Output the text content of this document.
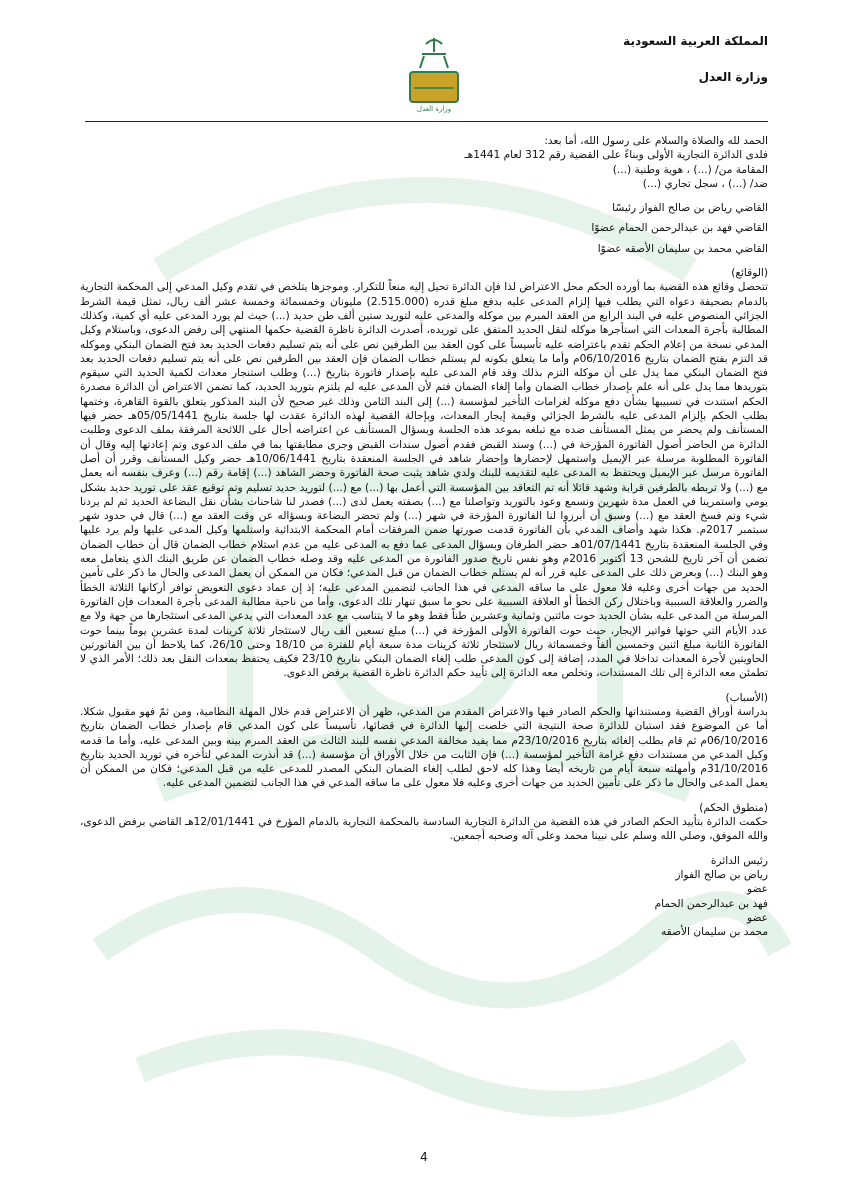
المملكة العربية السعودية
وزارة العدل
وزارة العدل
الحمد لله والصلاة والسلام على رسول الله، أما بعد:
فلدى الدائرة التجارية الأولى وبناءً على القضية رقم 312 لعام 1441هـ
المقامة من/ (...) ، هوية وطنية (...)
ضد/ (...) ، سجل تجاري (...)
القاضي رياض بن صالح الفواز رئيسًا
القاضي فهد بن عبدالرحمن الحمام عضوًا
القاضي محمد بن سليمان الأصقه عضوًا
(الوقائع)

تتحصل وقائع هذه القضية بما أورده الحكم محل الاعتراض لذا فإن الدائرة تحيل إليه منعاً للتكرار. وموجزها يتلخص في تقدم وكيل المدعي إلى المحكمة التجارية بالدمام بصحيفة دعواه التي يطلب فيها إلزام المدعى عليه بدفع مبلغ قدره (2.515.000) مليونان وخمسمائة وخمسة عشر ألف ريال، تمثل قيمة الشرط الجزائي المنصوص عليه في البند الرابع من العقد المبرم بين موكله والمدعى عليه لتوريد ستين ألف طن حديد (...) حيث لم يورد المدعى عليه أي كمية، وكذلك المطالبة بأجرة المعدات التي استأجرها موكله لنقل الحديد المتفق على توريده، أصدرت الدائرة ناظرة القضية حكمها المنتهي إلى رفض الدعوى، وباستلام وكيل المدعي نسخة من إعلام الحكم تقدم باعتراضه عليه تأسيساً على كون العقد بين الطرفين نص على أنه يتم تسليم دفعات الحديد بعد فتح الضمان البنكي وموكله قد التزم بفتح الضمان بتاريخ 06/10/2016م وأما ما يتعلق بكونه لم يستلم خطاب الضمان فإن العقد بين الطرفين نص على أنه يتم تسليم دفعات الحديد بعد فتح الضمان البنكي مما يدل على أن موكله التزم بذلك وقد قام المدعى عليه بإصدار فاتورة بتاريخ (...) وطلب استنجار معدات لكمية الحديد التي سيقوم بتوريدها مما يدل على أنه علم بإصدار خطاب الضمان وأما إلغاء الضمان فتم لأن المدعى عليه لم يلتزم بتوريد الحديد، كما تضمن الاعتراض أن الدائرة مصدرة الحكم استندت في تسبيبها بشأن دفع موكله لغرامات التأخير لمؤسسة (...) إلى البند الثامن وذلك غير صحيح لأن البند المذكور يتعلق بالقوة القاهرة، وختمها بطلب الحكم بإلزام المدعى عليه بالشرط الجزائي وقيمة إيجار المعدات، وبإحالة القضية لهذه الدائرة عقدت لها جلسة بتاريخ 05/05/1441هـ حضر فيها المستأنف ولم يحضر من يمثل المستأنف ضده مع تبلغه بموعد هذه الجلسة وبسؤال المستأنف عن اعتراضه أحال على اللائحة المرفقة بملف الدعوى وطلبت الدائرة من الحاضر أصول الفاتورة المؤرخة في (...) وسند القبض فقدم أصول سندات القبض وجرى مطابقتها بما في ملف الدعوى وتم إعادتها إليه وقال أن الفاتورة المطلوبة مرسلة عبر الإيميل واستمهل لإحضارها وإحضار شاهد في الجلسة المنعقدة بتاريخ 10/06/1441هـ حضر وكيل المستأنف وقرر أن أصل الفاتورة مرسل عبر الإيميل ويحتفظ به المدعى عليه لتقديمه للبنك ولدي شاهد يثبت صحة الفاتورة وحضر الشاهد (...) إقامة رقم (...) وعرف بنفسه أنه يعمل مع (...) ولا تربطه بالطرفين قرابة وشهد قائلا أنه تم التعاقد بين المؤسسة التي أعمل بها (...) مع (...) لتوريد حديد تسليم وتم توقيع عقد على توريد حديد بشكل يومي واستمرينا في العمل مدة شهرين ونسمع وعود بالتوريد وتواصلنا مع (...) بصفته يعمل لدى (...) فصدر لنا شاحنات بشأن نقل البضاعة الحديد ثم لم يردنا شيء وتم فسخ العقد مع (...) وسبق أن أبرزوا لنا الفاتورة المؤرخة في شهر (...) ولم تحضر البضاعة وبسؤاله عن وقت العقد مع (...) قال في حدود شهر سبتمبر 2017م. هكذا شهد وأضاف المدعي بأن الفاتورة قدمت صورتها ضمن المرفقات أمام المحكمة الابتدائية واستلمها وكيل المدعى عليها ولم يرد عليها وفي الجلسة المنعقدة بتاريخ 01/07/1441هـ حضر الطرفان وبسؤال المدعى عما دفع به المدعى عليه من عدم استلام خطاب الضمان قال أن خطاب الضمان تضمن أن آخر تاريخ للشحن 13 أكتوبر 2016م وهو نفس تاريخ صدور الفاتورة من المدعى عليه وقد وصله خطاب الضمان عن طريق البنك الذي يتعامل معه وهو البنك (...) وبعرض ذلك على المدعى عليه قرر أنه لم يستلم خطاب الضمان من قبل المدعي؛ فكان من الممكن أن يعمل المدعى والحال ما ذكر على تأمين الحديد من جهات أخرى وعليه فلا معول على ما ساقه المدعى في هذا الجانب لتضمين المدعى عليه؛ إذ إن عماد دعوى التعويض توافر أركانها الثلاثة الخطأ والضرر والعلاقة السببية وباختلال ركن الخطأ أو العلاقة السببية على نحو ما سبق تنهار تلك الدعوى، وأما من ناحية مطالبة المدعى بأجرة المعدات فإن الفاتورة المرسلة من المدعى عليه بشأن الحديد حوت مائتين وثمانية وعشرين طناً فقط وهو ما لا يتناسب مع عدد المعدات التي يدعي المدعى استئجارها من جهة ولا مع عدد الأيام التي حوتها فواتير الإيجار، حيث حوت الفاتورة الأولى المؤرخة في (...) مبلغ تسعين ألف ريال لاستئجار ثلاثة كرينات لمدة عشرين يوماً بينما حوت الفاتورة الثانية مبلغ اثنين وخمسين ألفاً وخمسمائة ريال لاستئجار ثلاثة كرينات مدة سبعة أيام للفترة من 18/10 وحتى 26/10، كما يلاحظ أن بين الفاتورتين الحاويتين لأجرة المعدات تداخلا في المدد، إضافة إلى كون المدعى طلب إلغاء الضمان البنكي بتاريخ 23/10 فكيف يحتفظ بمعدات النقل بعد ذلك؛ الأمر الذي لا تطمئن معه الدائرة إلى تلك المستندات، وتخلص معه الدائرة إلى تأييد حكم الدائرة ناظرة القضية برفض الدعوى.

(الأسباب)

بدراسة أوراق القضية ومستنداتها والحكم الصادر فيها والاعتراض المقدم من المدعي، ظهر أن الاعتراض قدم خلال المهلة النظامية، ومن ثمّ فهو مقبول شكلا. أما عن الموضوع فقد استبان للدائرة صحة النتيجة التي خلصت إليها الدائرة في قضائها، تأسيساً على كون المدعي قام بإصدار خطاب الضمان بتاريخ 06/10/2016م ثم قام بطلب إلغائه بتاريخ 23/10/2016م مما يفيد مخالفة المدعي نفسه للبند الثالث من العقد المبرم بينه وبين المدعى عليه، وأما ما قدمه وكيل المدعي من مستندات دفع غرامة التأخير لمؤسسة (...) فإن الثابت من خلال الأوراق أن مؤسسة (...) قد أنذرت المدعي لتأخره في توريد الحديد بتاريخ 31/10/2016م وأمهلته سبعة أيام من تاريخه أيضا وهذا كله لاحق لطلب إلغاء الضمان البنكي المصدر للمدعى عليه من قبل المدعي؛ فكان من الممكن أن يعمل المدعى والحال ما ذكر على تأمين الحديد من جهات أخرى وعليه فلا معول على ما ساقه المدعي في هذا الجانب لتضمين المدعى عليه.

(منطوق الحكم)

حكمت الدائرة بتأييد الحكم الصادر في هذه القضية من الدائرة التجارية السادسة بالمحكمة التجارية بالدمام المؤرخ في 12/01/1441هـ القاضي برفض الدعوى، والله الموفق، وصلى الله وسلم على نبينا محمد وعلى آله وصحبه أجمعين.

رئيس الدائرة
رياض بن صالح الفواز
عضو
فهد بن عبدالرحمن الحمام
عضو
محمد بن سليمان الأصقه
4
